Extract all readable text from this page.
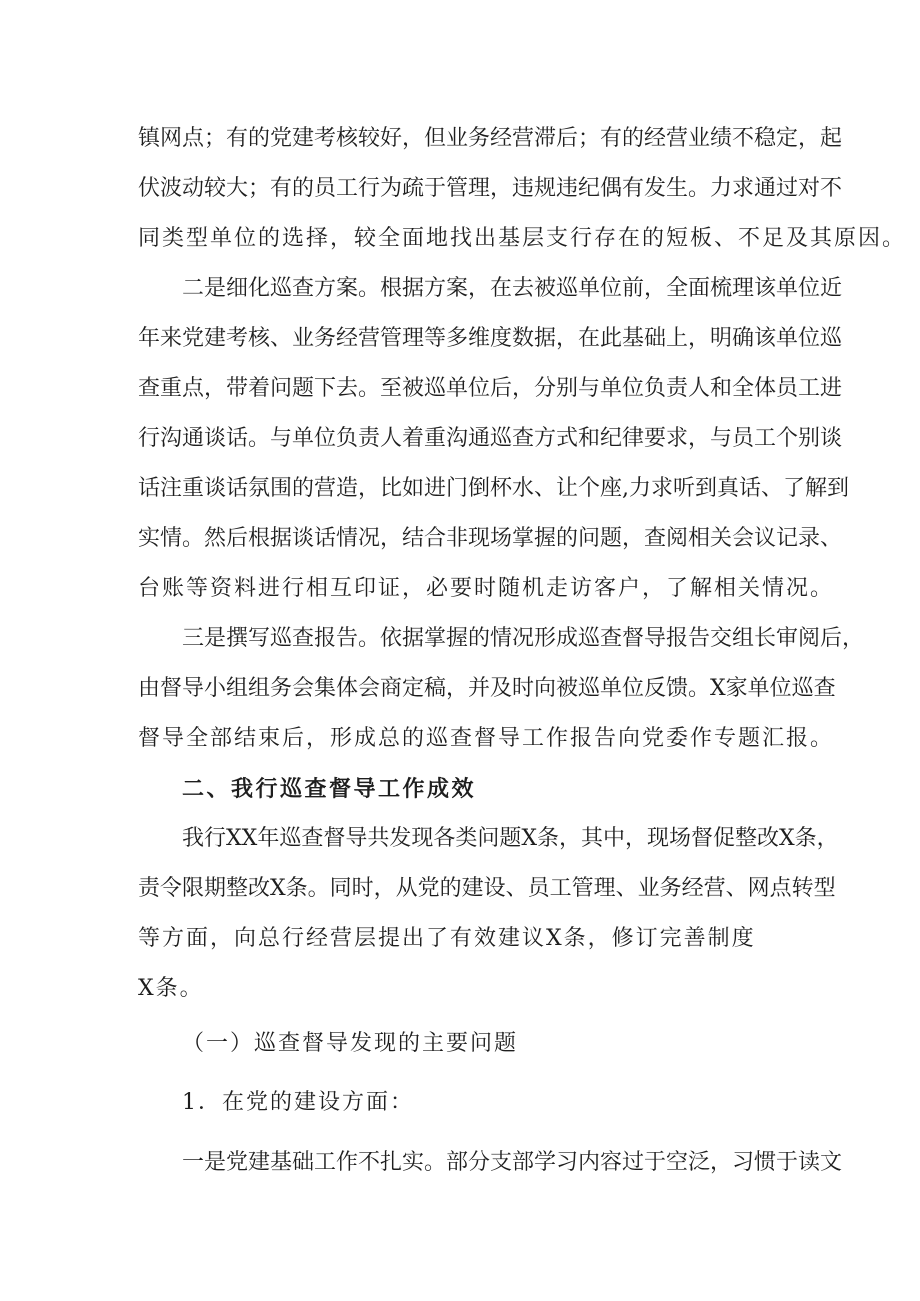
镇网点；有的党建考核较好，但业务经营滞后；有的经营业绩不稳定，起
伏波动较大；有的员工行为疏于管理，违规违纪偶有发生。力求通过对不
同类型单位的选择，较全面地找出基层支行存在的短板、不足及其原因。
二是细化巡查方案。根据方案，在去被巡单位前，全面梳理该单位近
年来党建考核、业务经营管理等多维度数据，在此基础上，明确该单位巡
查重点，带着问题下去。至被巡单位后，分别与单位负责人和全体员工进
行沟通谈话。与单位负责人着重沟通巡查方式和纪律要求，与员工个别谈
话注重谈话氛围的营造，比如进门倒杯水、让个座,力求听到真话、了解到
实情。然后根据谈话情况，结合非现场掌握的问题，查阅相关会议记录、
台账等资料进行相互印证，必要时随机走访客户，了解相关情况。
三是撰写巡查报告。依据掌握的情况形成巡查督导报告交组长审阅后，
由督导小组组务会集体会商定稿，并及时向被巡单位反馈。X家单位巡查
督导全部结束后，形成总的巡查督导工作报告向党委作专题汇报。
二、我行巡查督导工作成效
我行XX年巡查督导共发现各类问题X条，其中，现场督促整改X条，
责令限期整改X条。同时，从党的建设、员工管理、业务经营、网点转型
等方面，向总行经营层提出了有效建议X条，修订完善制度
X条。
（一）巡查督导发现的主要问题
1．在党的建设方面：
一是党建基础工作不扎实。部分支部学习内容过于空泛，习惯于读文
